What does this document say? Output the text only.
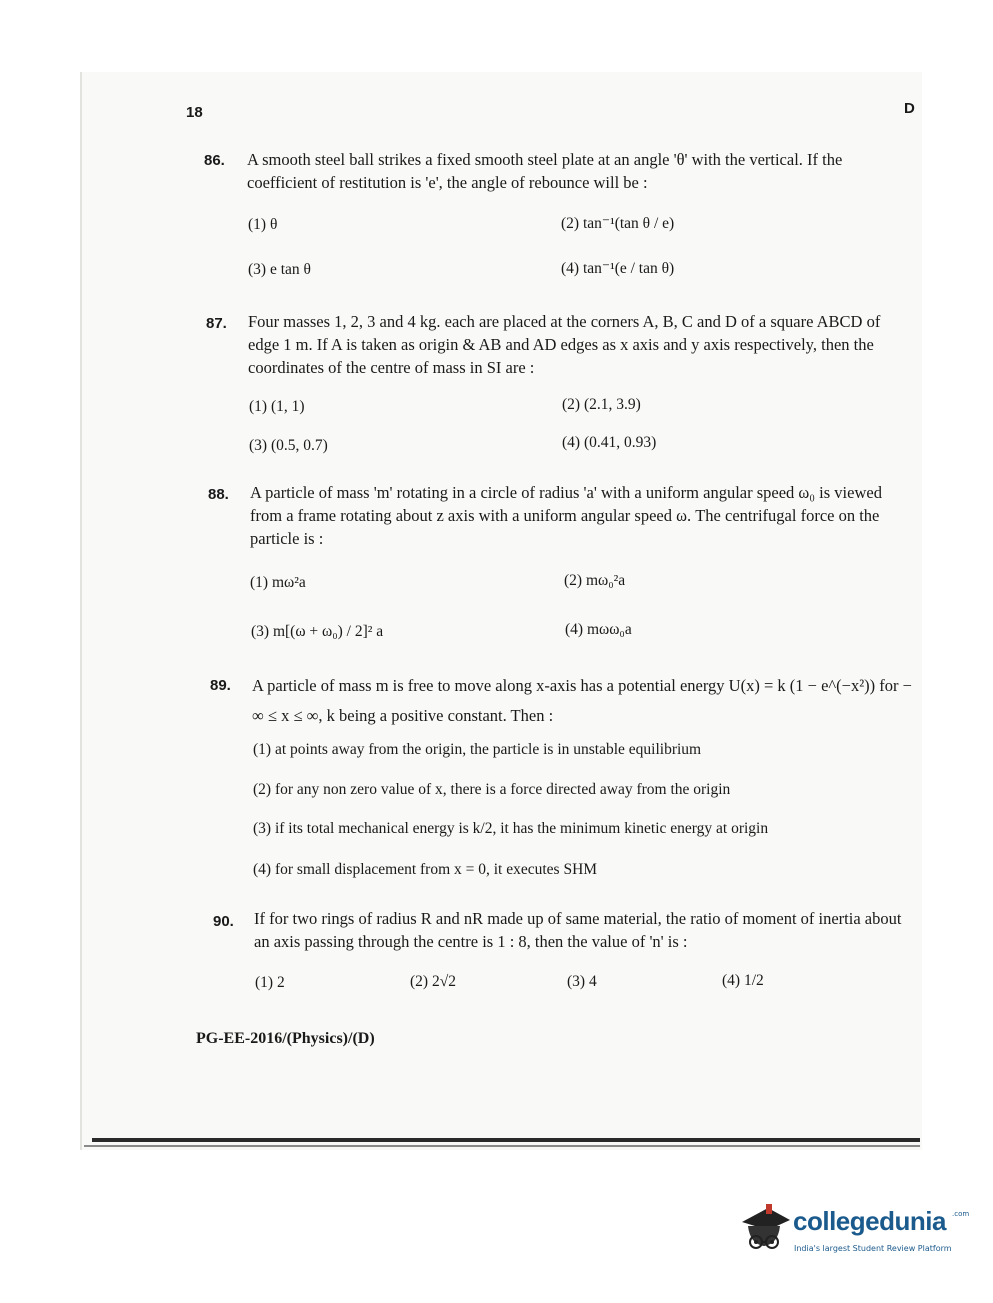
18	D
86. A smooth steel ball strikes a fixed smooth steel plate at an angle 'θ' with the vertical. If the coefficient of restitution is 'e', the angle of rebounce will be :
(1) θ	(2) tan⁻¹(tan θ / e)
(3) e tan θ	(4) tan⁻¹(e / tan θ)
87. Four masses 1, 2, 3 and 4 kg. each are placed at the corners A, B, C and D of a square ABCD of edge 1 m. If A is taken as origin & AB and AD edges as x axis and y axis respectively, then the coordinates of the centre of mass in SI are :
(1) (1, 1)	(2) (2.1, 3.9)
(3) (0.5, 0.7)	(4) (0.41, 0.93)
88. A particle of mass 'm' rotating in a circle of radius 'a' with a uniform angular speed ω₀ is viewed from a frame rotating about z axis with a uniform angular speed ω. The centrifugal force on the particle is :
(1) mω²a	(2) mω₀²a
(3) m[(ω + ω₀) / 2]² a	(4) mωω₀a
89. A particle of mass m is free to move along x-axis has a potential energy U(x) = k (1 − e^(−x²)) for − ∞ ≤ x ≤ ∞, k being a positive constant. Then :
(1) at points away from the origin, the particle is in unstable equilibrium
(2) for any non zero value of x, there is a force directed away from the origin
(3) if its total mechanical energy is k/2, it has the minimum kinetic energy at origin
(4) for small displacement from x = 0, it executes SHM
90. If for two rings of radius R and nR made up of same material, the ratio of moment of inertia about an axis passing through the centre is 1 : 8, then the value of 'n' is :
(1) 2	(2) 2√2	(3) 4	(4) 1/2
PG-EE-2016/(Physics)/(D)
collegedunia .com
India's largest Student Review Platform
